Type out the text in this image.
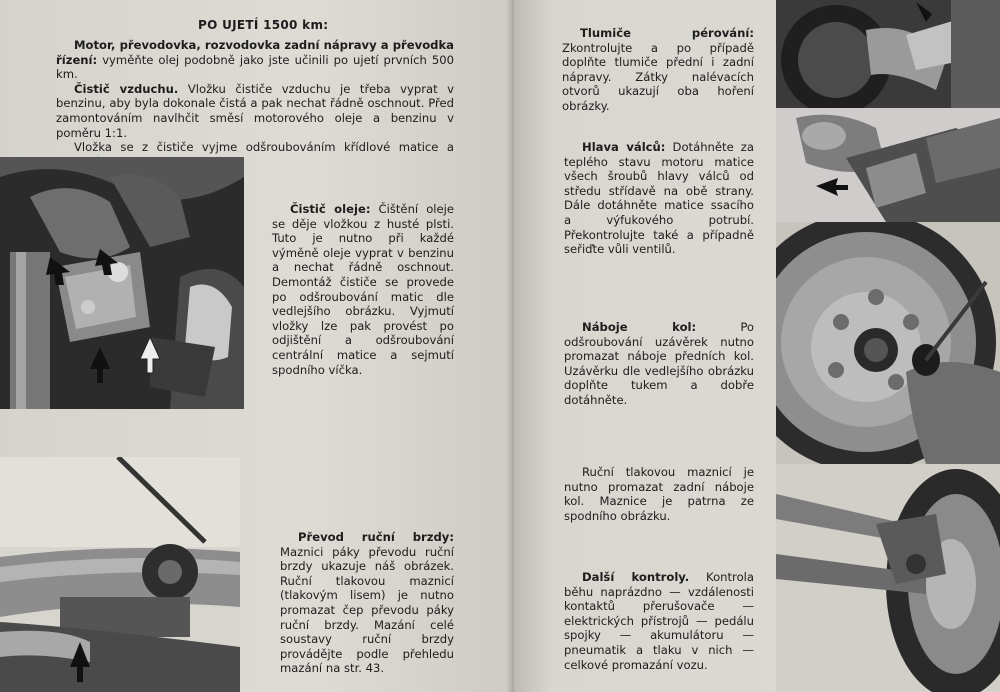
PO UJETÍ 1500 km:
Motor, převodovka, rozvodovka zadní nápravy a převodka řízení: vyměňte olej podobně jako jste učinili po ujetí prvních 500 km.
Čistič vzduchu. Vložku čističe vzduchu je třeba vyprat v benzinu, aby byla dokonale čistá a pak nechat řádně oschnout. Před zamontováním navlhčit směsí motorového oleje a benzinu v poměru 1:1.
Vložka se z čističe vyjme odšroubováním křídlové matice a
Čistič oleje: Čištění oleje se děje vložkou z husté plsti. Tuto je nutno při každé výměně oleje vyprat v benzinu a nechat řádně oschnout. Demontáž čističe se provede po odšroubování matic dle vedlejšího obrázku. Vyjmutí vložky lze pak provést po odjištění a odšroubování centrální matice a sejmutí spodního víčka.
Převod ruční brzdy: Maznici páky převodu ruční brzdy ukazuje náš obrázek. Ruční tlakovou maznicí (tlakovým lisem) je nutno promazat čep převodu páky ruční brzdy. Mazání celé soustavy ruční brzdy provádějte podle přehledu mazání na str. 43.
Tlumiče pérování: Zkontrolujte a po případě doplňte tlumiče přední i zadní nápravy. Zátky nalévacích otvorů ukazují oba hoření obrázky.
Hlava válců: Dotáhněte za teplého stavu motoru matice všech šroubů hlavy válců od středu střídavě na obě strany. Dále dotáhněte matice ssacího a výfukového potrubí. Překontrolujte také a případně seřiďte vůli ventilů.
Náboje kol: Po odšroubování uzávěrek nutno promazat náboje předních kol. Uzávěrku dle vedlejšího obrázku doplňte tukem a dobře dotáhněte.
Ruční tlakovou maznicí je nutno promazat zadní náboje kol. Maznice je patrna ze spodního obrázku.
Další kontroly. Kontrola běhu naprázdno — vzdálenosti kontaktů přerušovače — elektrických přístrojů — pedálu spojky — akumulátoru — pneumatik a tlaku v nich — celkové promazání vozu.
